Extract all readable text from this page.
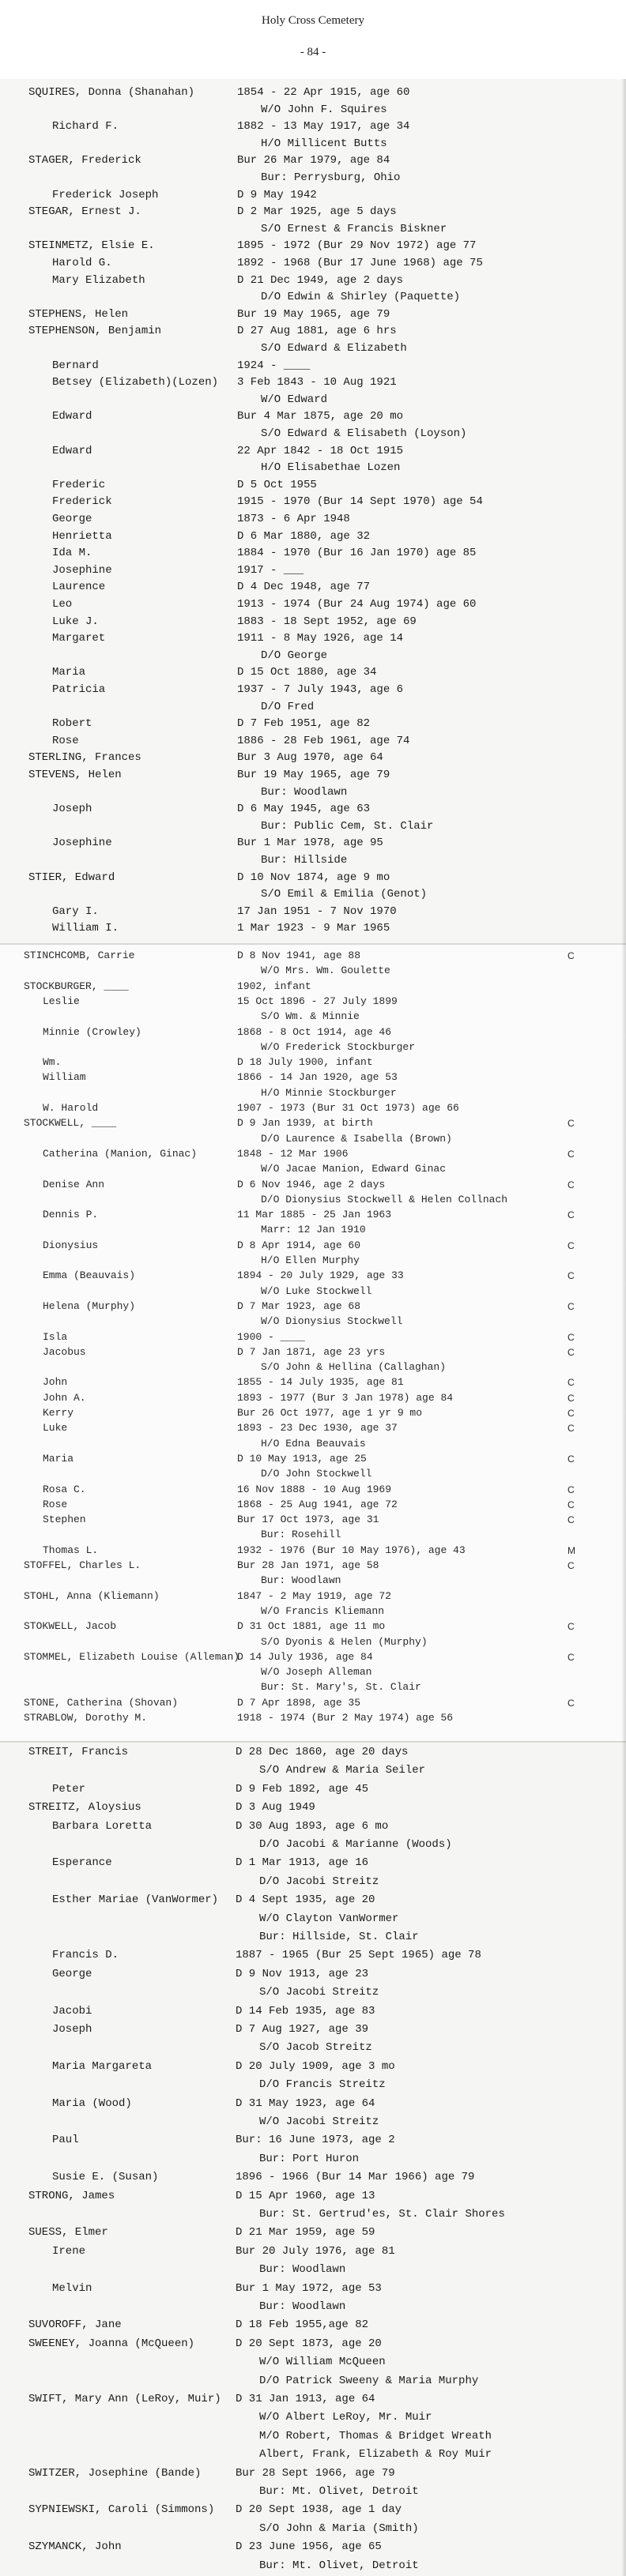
Holy Cross Cemetery
- 84 -
SQUIRES, Donna (Shanahan)	1854 - 22 Apr 1915, age 60
W/O John F. Squires
Richard F.	1882 - 13 May 1917, age 34
H/O Millicent Butts
STAGER, Frederick	Bur 26 Mar 1979, age 84
Bur: Perrysburg, Ohio
Frederick Joseph	D 9 May 1942
STEGAR, Ernest J.	D 2 Mar 1925, age 5 days
S/O Ernest & Francis Biskner
STEINMETZ, Elsie E.	1895 - 1972 (Bur 29 Nov 1972) age 77
Harold G.	1892 - 1968 (Bur 17 June 1968) age 75
Mary Elizabeth	D 21 Dec 1949, age 2 days
D/O Edwin & Shirley (Paquette)
STEPHENS, Helen	Bur 19 May 1965, age 79
STEPHENSON, Benjamin	D 27 Aug 1881, age 6 hrs
S/O Edward & Elizabeth
Bernard	1924 - ____
Betsey (Elizabeth)(Lozen) 3 Feb 1843 - 10 Aug 1921
W/O Edward
Edward	Bur 4 Mar 1875, age 20 mo
S/O Edward & Elisabeth (Loyson)
Edward	22 Apr 1842 - 18 Oct 1915
H/O Elisabethae Lozen
Frederic	D 5 Oct 1955
Frederick	1915 - 1970 (Bur 14 Sept 1970) age 54
George	1873 - 6 Apr 1948
Henrietta	D 6 Mar 1880, age 32
Ida M.	1884 - 1970 (Bur 16 Jan 1970) age 85
Josephine	1917 - ___
Laurence	D 4 Dec 1948, age 77
Leo	1913 - 1974 (Bur 24 Aug 1974) age 60
Luke J.	1883 - 18 Sept 1952, age 69
Margaret	1911 - 8 May 1926, age 14
D/O George
Maria	D 15 Oct 1880, age 34
Patricia	1937 - 7 July 1943, age 6
D/O Fred
Robert	D 7 Feb 1951, age 82
Rose	1886 - 28 Feb 1961, age 74
STERLING, Frances	Bur 3 Aug 1970, age 64
STEVENS, Helen	Bur 19 May 1965, age 79
Bur: Woodlawn
Joseph	D 6 May 1945, age 63
Bur: Public Cem, St. Clair
Josephine	Bur 1 Mar 1978, age 95
Bur: Hillside
STIER, Edward	D 10 Nov 1874, age 9 mo
S/O Emil & Emilia (Genot)
Gary I.	17 Jan 1951 - 7 Nov 1970
William I.	1 Mar 1923 - 9 Mar 1965
STINCHCOMB, Carrie	D 8 Nov 1941, age 88	C
W/O Mrs. Wm. Goulette
STOCKBURGER, ____	1902, infant
Leslie	15 Oct 1896 - 27 July 1899
S/O Wm. & Minnie
Minnie (Crowley)	1868 - 8 Oct 1914, age 46
W/O Frederick Stockburger
Wm.	D 18 July 1900, infant
William	1866 - 14 Jan 1920, age 53
H/O Minnie Stockburger
W. Harold	1907 - 1973 (Bur 31 Oct 1973) age 66
STOCKWELL, ____	D 9 Jan 1939, at birth	C
D/O Laurence & Isabella (Brown)
Catherina (Manion, Ginac)	1848 - 12 Mar 1906	C
W/O Jacae Manion, Edward Ginac
Denise Ann	D 6 Nov 1946, age 2 days	C
D/O Dionysius Stockwell & Helen Collnach
Dennis P.	11 Mar 1885 - 25 Jan 1963	C
Marr: 12 Jan 1910
Dionysius	D 8 Apr 1914, age 60	C
H/O Ellen Murphy
Emma (Beauvais)	1894 - 20 July 1929, age 33	C
W/O Luke Stockwell
Helena (Murphy)	D 7 Mar 1923, age 68	C
W/O Dionysius Stockwell
Isla	1900 - ____	C
Jacobus	D 7 Jan 1871, age 23 yrs	C
S/O John & Hellina (Callaghan)
John	1855 - 14 July 1935, age 81	C
John A.	1893 - 1977 (Bur 3 Jan 1978) age 84	C
Kerry	Bur 26 Oct 1977, age 1 yr 9 mo	C
Luke	1893 - 23 Dec 1930, age 37	C
H/O Edna Beauvais
Maria	D 10 May 1913, age 25	C
D/O John Stockwell
Rosa C.	16 Nov 1888 - 10 Aug 1969	C
Rose	1868 - 25 Aug 1941, age 72	C
Stephen	Bur 17 Oct 1973, age 31	C
Bur: Rosehill
Thomas L.	1932 - 1976 (Bur 10 May 1976), age 43	M
STOFFEL, Charles L.	Bur 28 Jan 1971, age 58	C
Bur: Woodlawn
STOHL, Anna (Kliemann)	1847 - 2 May 1919, age 72
W/O Francis Kliemann
STOKWELL, Jacob	D 31 Oct 1881, age 11 mo	C
S/O Dyonis & Helen (Murphy)
STOMMEL, Elizabeth Louise (Alleman)
D 14 July 1936, age 84	C
W/O Joseph Alleman
Bur: St. Mary's, St. Clair
STONE, Catherina (Shovan)	D 7 Apr 1898, age 35	C
STRABLOW, Dorothy M.	1918 - 1974 (Bur 2 May 1974) age 56
STREIT, Francis	D 28 Dec 1860, age 20 days
S/O Andrew & Maria Seiler
Peter	D 9 Feb 1892, age 45
STREITZ, Aloysius	D 3 Aug 1949
Barbara Loretta	D 30 Aug 1893, age 6 mo
D/O Jacobi & Marianne (Woods)
Esperance	D 1 Mar 1913, age 16
D/O Jacobi Streitz
Esther Mariae (VanWormer) D 4 Sept 1935, age 20
W/O Clayton VanWormer
Bur: Hillside, St. Clair
Francis D.	1887 - 1965 (Bur 25 Sept 1965) age 78
George	D 9 Nov 1913, age 23
S/O Jacobi Streitz
Jacobi	D 14 Feb 1935, age 83
Joseph	D 7 Aug 1927, age 39
S/O Jacob Streitz
Maria Margareta	D 20 July 1909, age 3 mo
D/O Francis Streitz
Maria (Wood)	D 31 May 1923, age 64
W/O Jacobi Streitz
Paul	Bur: 16 June 1973, age 2
Bur: Port Huron
Susie E. (Susan)	1896 - 1966 (Bur 14 Mar 1966) age 79
STRONG, James	D 15 Apr 1960, age 13
Bur: St. Gertrud'es, St. Clair Shores
SUESS, Elmer	D 21 Mar 1959, age 59
Irene	Bur 20 July 1976, age 81
Bur: Woodlawn
Melvin	Bur 1 May 1972, age 53
Bur: Woodlawn
SUVOROFF, Jane	D 18 Feb 1955,age 82
SWEENEY, Joanna (McQueen)	D 20 Sept 1873, age 20
W/O William McQueen
D/O Patrick Sweeny & Maria Murphy
SWIFT, Mary Ann (LeRoy, Muir) D 31 Jan 1913, age 64
W/O Albert LeRoy, Mr. Muir
M/O Robert, Thomas & Bridget Wreath
Albert, Frank, Elizabeth & Roy Muir
SWITZER, Josephine (Bande)	Bur 28 Sept 1966, age 79
Bur: Mt. Olivet, Detroit
SYPNIEWSKI, Caroli (Simmons) D 20 Sept 1938, age 1 day
S/O John & Maria (Smith)
SZYMANCK, John	D 23 June 1956, age 65
Bur: Mt. Olivet, Detroit
